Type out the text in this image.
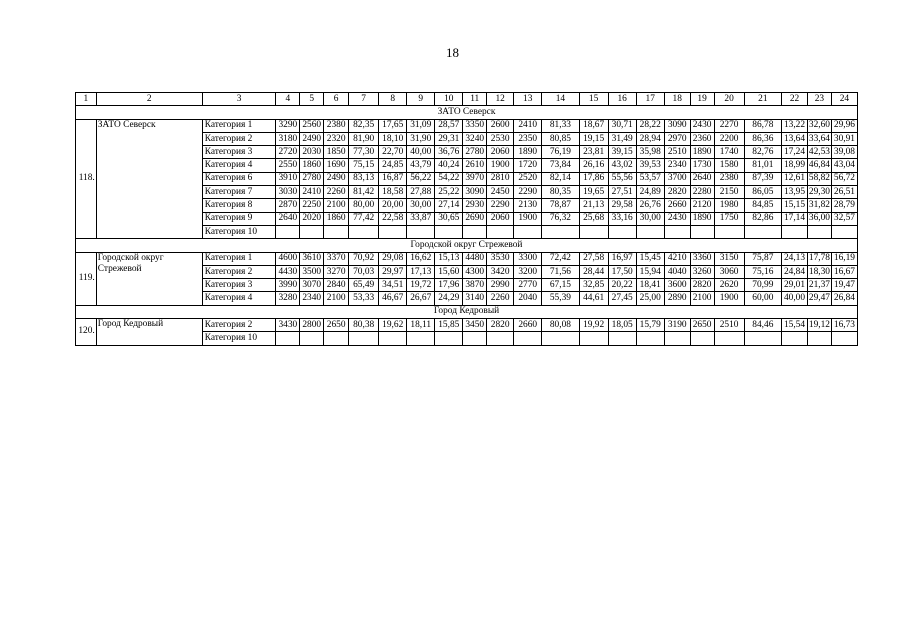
18
1	2	3	4	5	6	7	8	9	10	11	12	13	14	15	16	17	18	19	20	21	22	23	24
ЗАТО Северск																							
118.	ЗАТО Северск	Категория 1	3290	2560	2380	82,35	17,65	31,09	28,57	3350	2600	2410	81,33	18,67	30,71	28,22	3090	2430	2270	86,78	13,22	32,60	29,96
		Категория 2	3180	2490	2320	81,90	18,10	31,90	29,31	3240	2530	2350	80,85	19,15	31,49	28,94	2970	2360	2200	86,36	13,64	33,64	30,91
		Категория 3	2720	2030	1850	77,30	22,70	40,00	36,76	2780	2060	1890	76,19	23,81	39,15	35,98	2510	1890	1740	82,76	17,24	42,53	39,08
		Категория 4	2550	1860	1690	75,15	24,85	43,79	40,24	2610	1900	1720	73,84	26,16	43,02	39,53	2340	1730	1580	81,01	18,99	46,84	43,04
		Категория 6	3910	2780	2490	83,13	16,87	56,22	54,22	3970	2810	2520	82,14	17,86	55,56	53,57	3700	2640	2380	87,39	12,61	58,82	56,72
		Категория 7	3030	2410	2260	81,42	18,58	27,88	25,22	3090	2450	2290	80,35	19,65	27,51	24,89	2820	2280	2150	86,05	13,95	29,30	26,51
		Категория 8	2870	2250	2100	80,00	20,00	30,00	27,14	2930	2290	2130	78,87	21,13	29,58	26,76	2660	2120	1980	84,85	15,15	31,82	28,79
		Категория 9	2640	2020	1860	77,42	22,58	33,87	30,65	2690	2060	1900	76,32	25,68	33,16	30,00	2430	1890	1750	82,86	17,14	36,00	32,57
		Категория 10																					
Городской округ Стрежевой																							
119.	Городской округ Стрежевой	Категория 1	4600	3610	3370	70,92	29,08	16,62	15,13	4480	3530	3300	72,42	27,58	16,97	15,45	4210	3360	3150	75,87	24,13	17,78	16,19
		Категория 2	4430	3500	3270	70,03	29,97	17,13	15,60	4300	3420	3200	71,56	28,44	17,50	15,94	4040	3260	3060	75,16	24,84	18,30	16,67
		Категория 3	3990	3070	2840	65,49	34,51	19,72	17,96	3870	2990	2770	67,15	32,85	20,22	18,41	3600	2820	2620	70,99	29,01	21,37	19,47
		Категория 4	3280	2340	2100	53,33	46,67	26,67	24,29	3140	2260	2040	55,39	44,61	27,45	25,00	2890	2100	1900	60,00	40,00	29,47	26,84
Город Кедровый																							
120.	Город Кедровый	Категория 2	3430	2800	2650	80,38	19,62	18,11	15,85	3450	2820	2660	80,08	19,92	18,05	15,79	3190	2650	2510	84,46	15,54	19,12	16,73
		Категория 10																					
